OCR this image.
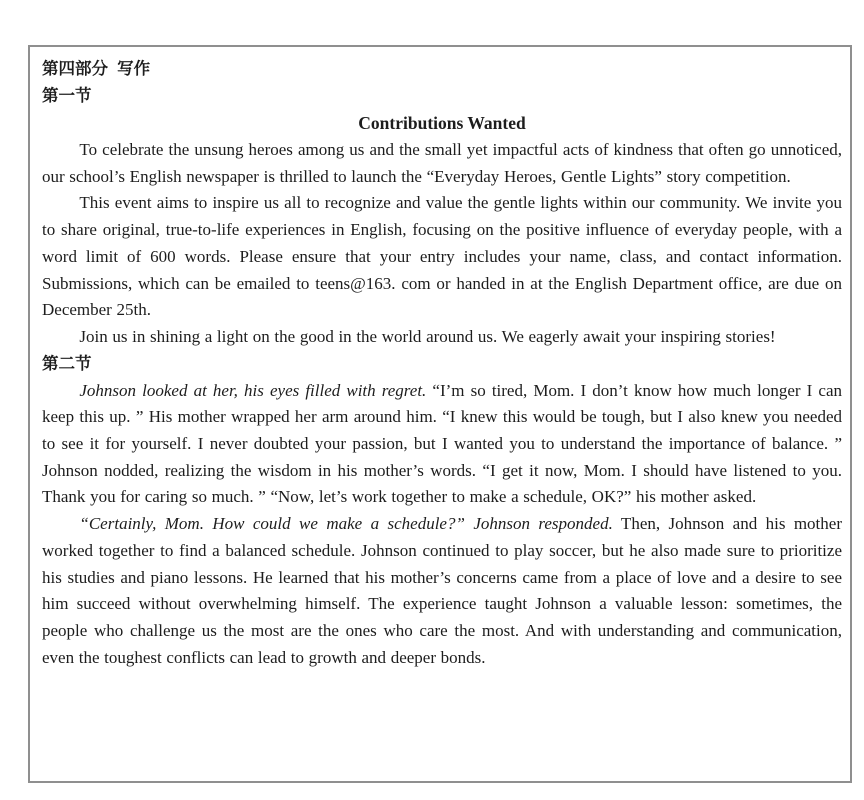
第四部分  写作
第一节
Contributions Wanted

To celebrate the unsung heroes among us and the small yet impactful acts of kindness that often go unnoticed, our school’s English newspaper is thrilled to launch the “Everyday Heroes, Gentle Lights” story competition.

This event aims to inspire us all to recognize and value the gentle lights within our community. We invite you to share original, true-to-life experiences in English, focusing on the positive influence of everyday people, with a word limit of 600 words. Please ensure that your entry includes your name, class, and contact information. Submissions, which can be emailed to teens@163. com or handed in at the English Department office, are due on December 25th.

Join us in shining a light on the good in the world around us. We eagerly await your inspiring stories!

第二节

Johnson looked at her, his eyes filled with regret. “I’m so tired, Mom. I don’t know how much longer I can keep this up. ” His mother wrapped her arm around him. “I knew this would be tough, but I also knew you needed to see it for yourself. I never doubted your passion, but I wanted you to understand the importance of balance. ” Johnson nodded, realizing the wisdom in his mother’s words. “I get it now, Mom. I should have listened to you. Thank you for caring so much. ” “Now, let’s work together to make a schedule, OK?” his mother asked.

“Certainly, Mom. How could we make a schedule?” Johnson responded. Then, Johnson and his mother worked together to find a balanced schedule. Johnson continued to play soccer, but he also made sure to prioritize his studies and piano lessons. He learned that his mother’s concerns came from a place of love and a desire to see him succeed without overwhelming himself. The experience taught Johnson a valuable lesson: sometimes, the people who challenge us the most are the ones who care the most. And with understanding and communication, even the toughest conflicts can lead to growth and deeper bonds.
